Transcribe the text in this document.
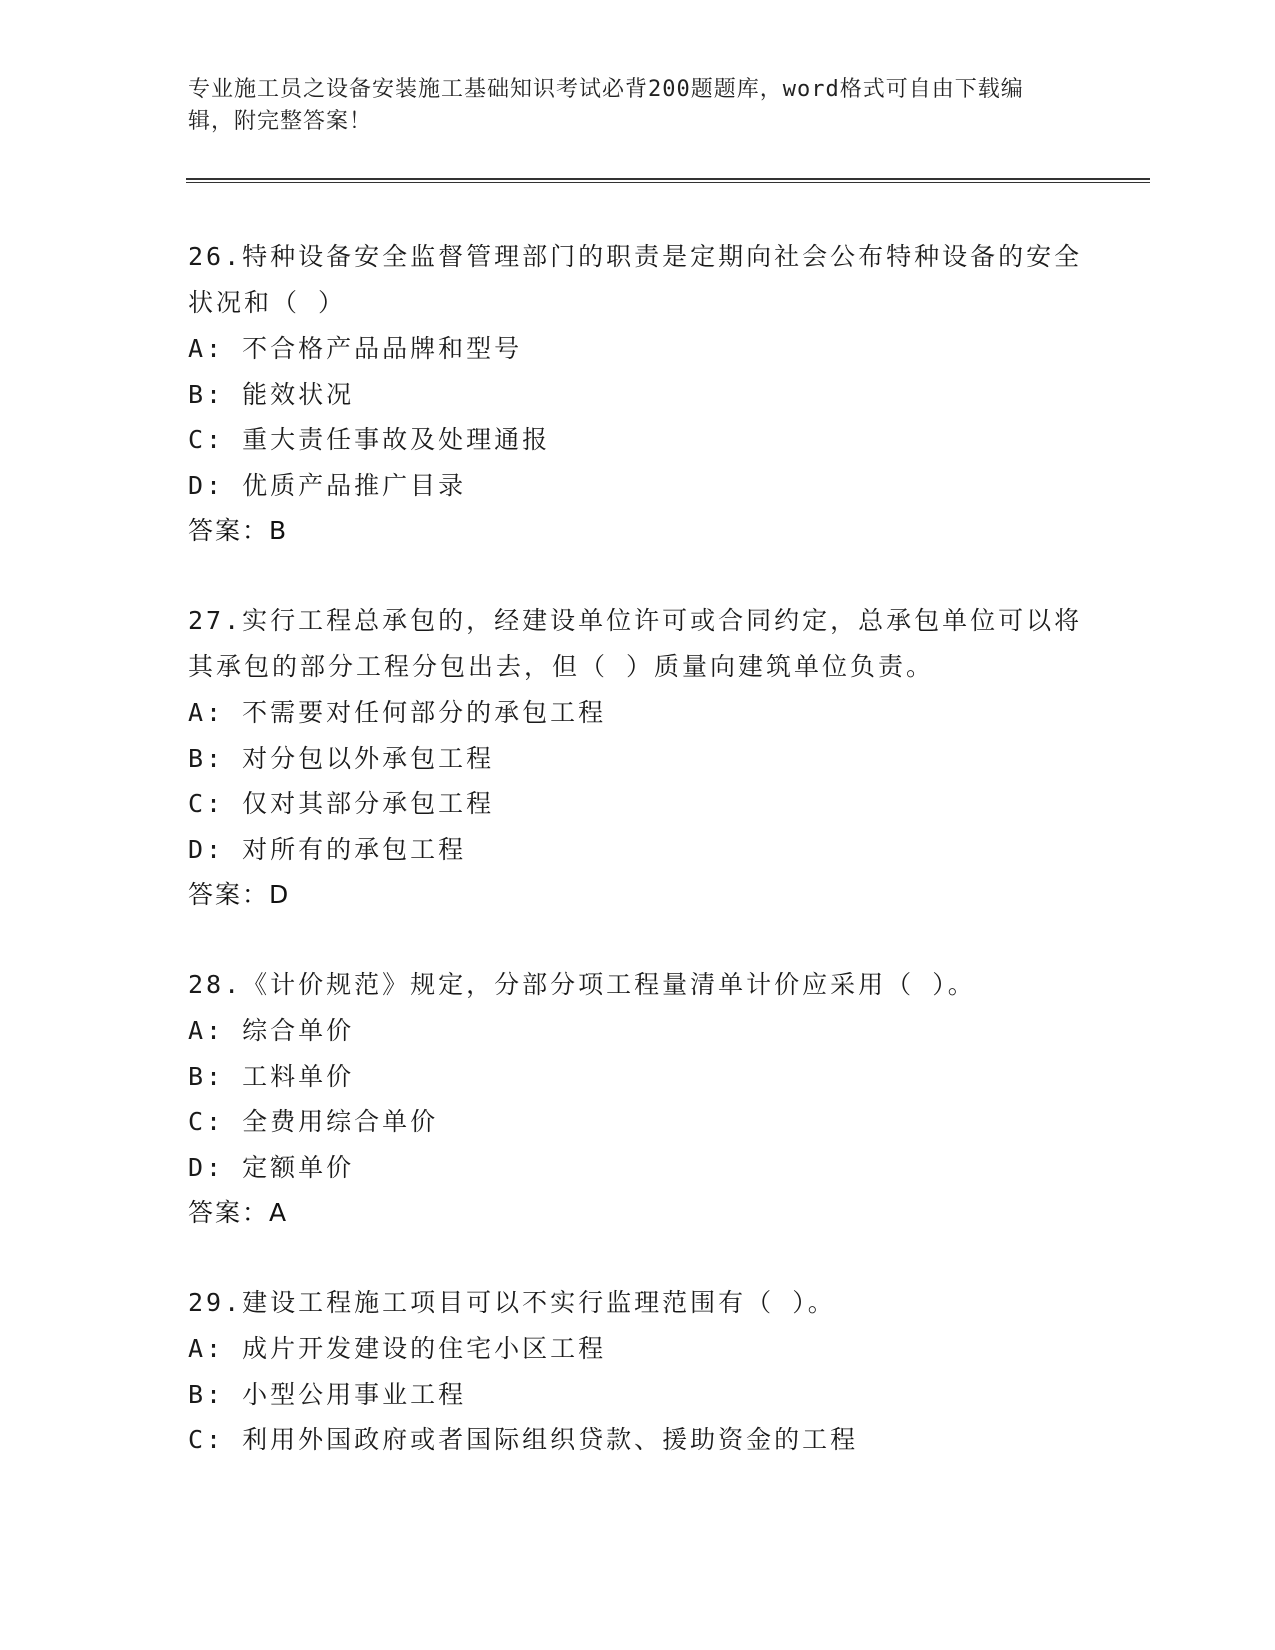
专业施工员之设备安装施工基础知识考试必背200题题库，word格式可自由下载编辑，附完整答案！

26.特种设备安全监督管理部门的职责是定期向社会公布特种设备的安全状况和（ ）

A: 不合格产品品牌和型号

B: 能效状况

C: 重大责任事故及处理通报

D: 优质产品推广目录

答案：B

27.实行工程总承包的，经建设单位许可或合同约定，总承包单位可以将其承包的部分工程分包出去，但（ ）质量向建筑单位负责。

A: 不需要对任何部分的承包工程

B: 对分包以外承包工程

C: 仅对其部分承包工程

D: 对所有的承包工程

答案：D

28.《计价规范》规定，分部分项工程量清单计价应采用（ ）。

A: 综合单价

B: 工料单价

C: 全费用综合单价

D: 定额单价

答案：A

29.建设工程施工项目可以不实行监理范围有（ ）。

A: 成片开发建设的住宅小区工程

B: 小型公用事业工程

C: 利用外国政府或者国际组织贷款、援助资金的工程
